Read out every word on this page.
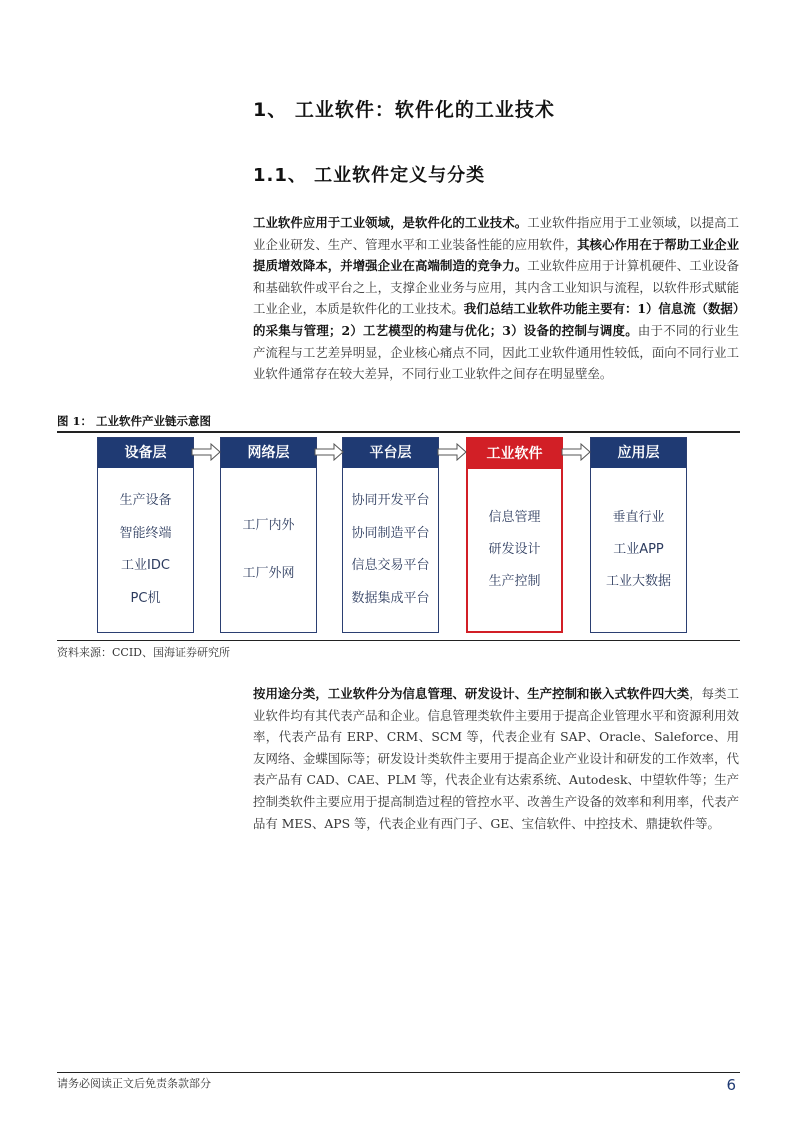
1、 工业软件：软件化的工业技术
1.1、 工业软件定义与分类

工业软件应用于工业领域，是软件化的工业技术。工业软件指应用于工业领域，以提高工业企业研发、生产、管理水平和工业装备性能的应用软件，其核心作用在于帮助工业企业提质增效降本，并增强企业在高端制造的竞争力。工业软件应用于计算机硬件、工业设备和基础软件或平台之上，支撑企业业务与应用，其内含工业知识与流程，以软件形式赋能工业企业，本质是软件化的工业技术。我们总结工业软件功能主要有：1）信息流（数据）的采集与管理；2）工艺模型的构建与优化；3）设备的控制与调度。由于不同的行业生产流程与工艺差异明显，企业核心痛点不同，因此工业软件通用性较低，面向不同行业工业软件通常存在较大差异，不同行业工业软件之间存在明显壁垒。

图 1： 工业软件产业链示意图
设备层
生产设备
智能终端
工业IDC
PC机
网络层
工厂内外
工厂外网
平台层
协同开发平台
协同制造平台
信息交易平台
数据集成平台
工业软件
信息管理
研发设计
生产控制
应用层
垂直行业
工业APP
工业大数据
资料来源：CCID、国海证券研究所

按用途分类，工业软件分为信息管理、研发设计、生产控制和嵌入式软件四大类，每类工业软件均有其代表产品和企业。信息管理类软件主要用于提高企业管理水平和资源利用效率，代表产品有 ERP、CRM、SCM 等，代表企业有 SAP、Oracle、Saleforce、用友网络、金蝶国际等；研发设计类软件主要用于提高企业产业设计和研发的工作效率，代表产品有 CAD、CAE、PLM 等，代表企业有达索系统、Autodesk、中望软件等；生产控制类软件主要应用于提高制造过程的管控水平、改善生产设备的效率和利用率，代表产品有 MES、APS 等，代表企业有西门子、GE、宝信软件、中控技术、鼎捷软件等。

请务必阅读正文后免责条款部分	6
